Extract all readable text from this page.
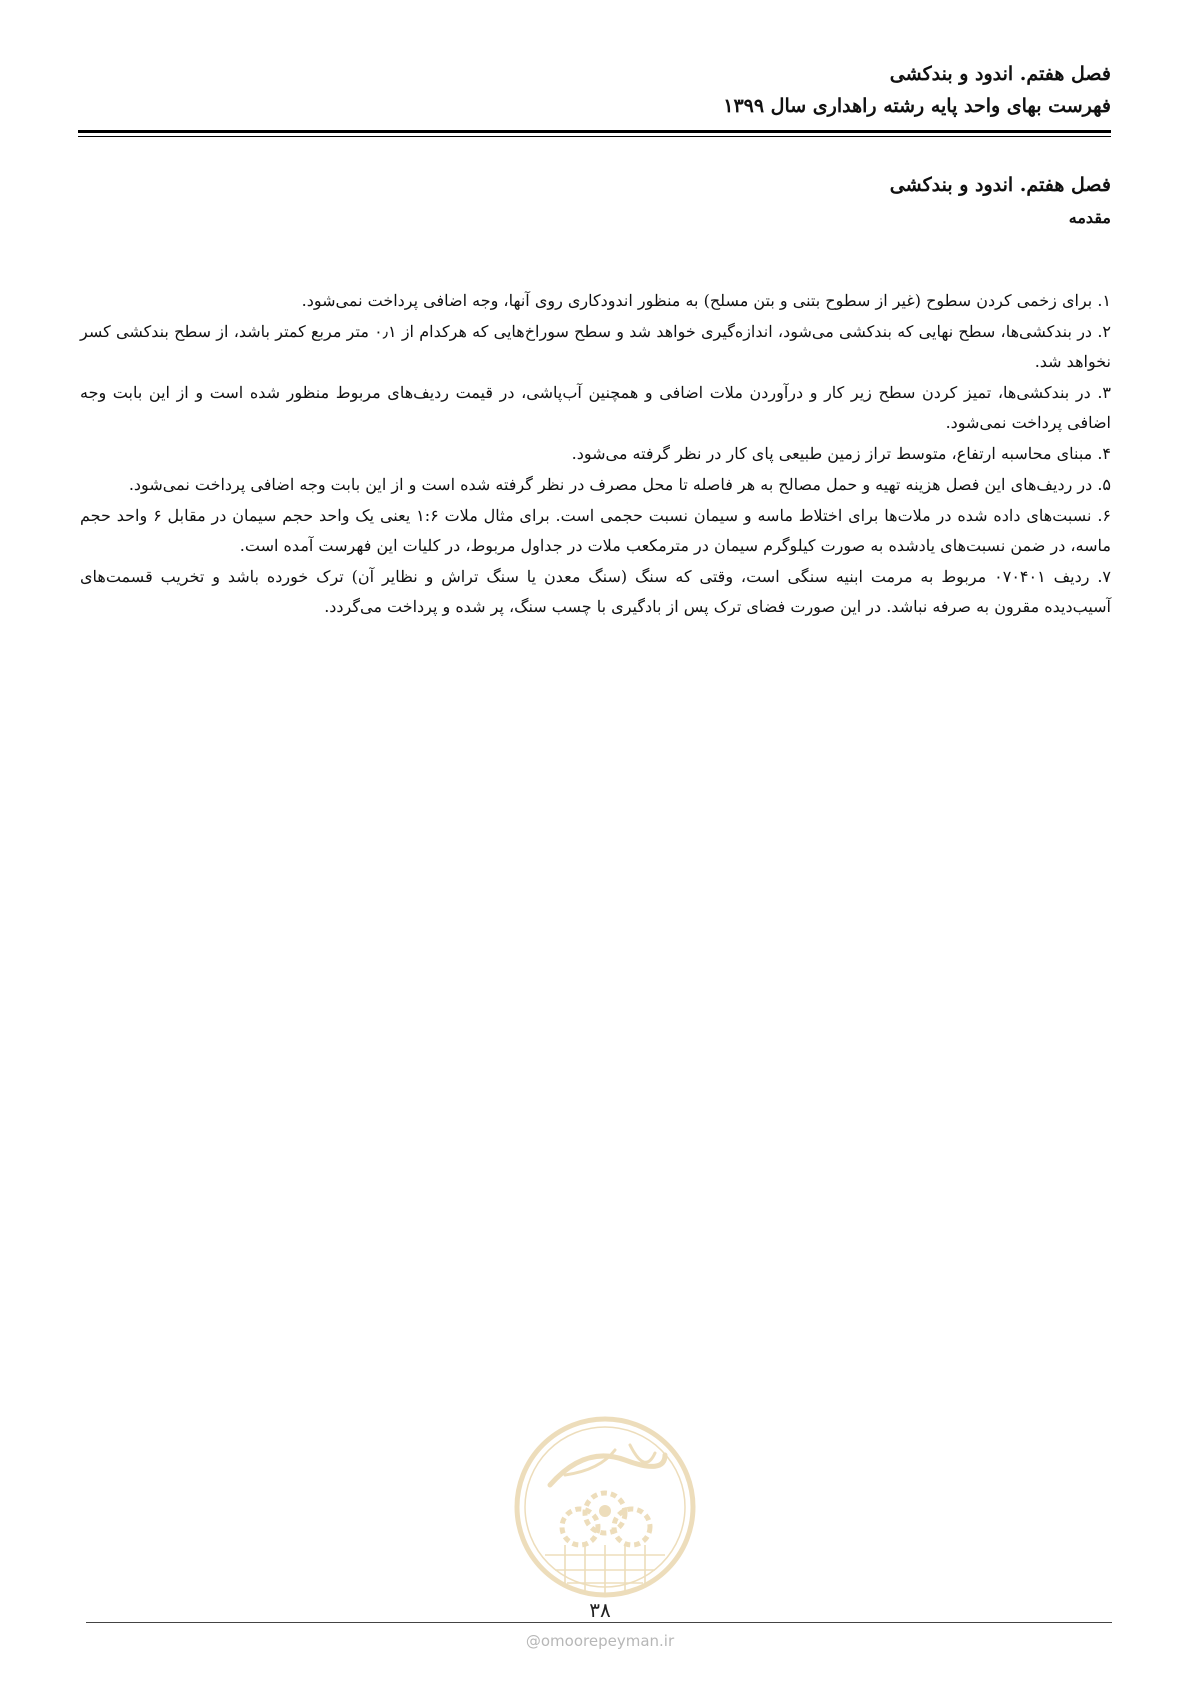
فصل هفتم. اندود و بندکشی

فهرست بهای واحد پایه رشته راهداری سال ۱۳۹۹

فصل هفتم. اندود و بندکشی

مقدمه

۱. برای زخمی کردن سطوح (غیر از سطوح بتنی و بتن مسلح) به منظور اندودکاری روی آنها، وجه اضافی پرداخت نمی‌شود.

۲. در بندکشی‌ها، سطح نهایی که بندکشی می‌شود، اندازه‌گیری خواهد شد و سطح سوراخ‌هایی که هرکدام از ۰٫۱ متر مربع کمتر باشد، از سطح بندکشی کسر نخواهد شد.

۳. در بندکشی‌ها، تمیز کردن سطح زیر کار و درآوردن ملات اضافی و همچنین آب‌پاشی، در قیمت ردیف‌های مربوط منظور شده است و از این بابت وجه اضافی پرداخت نمی‌شود.

۴. مبنای محاسبه ارتفاع، متوسط تراز زمین طبیعی پای کار در نظر گرفته می‌شود.

۵. در ردیف‌های این فصل هزینه تهیه و حمل مصالح به هر فاصله تا محل مصرف در نظر گرفته شده است و از این بابت وجه اضافی پرداخت نمی‌شود.

۶. نسبت‌های داده شده در ملات‌ها برای اختلاط ماسه و سیمان نسبت حجمی است. برای مثال ملات ۱:۶ یعنی یک واحد حجم سیمان در مقابل ۶ واحد حجم ماسه، در ضمن نسبت‌های یادشده به صورت کیلوگرم سیمان در مترمکعب ملات در جداول مربوط، در کلیات این فهرست آمده است.

۷. ردیف ۰۷۰۴۰۱ مربوط به مرمت ابنیه سنگی است، وقتی که سنگ (سنگ معدن یا سنگ تراش و نظایر آن) ترک خورده باشد و تخریب قسمت‌های آسیب‌دیده مقرون به صرفه نباشد. در این صورت فضای ترک پس از بادگیری با چسب سنگ، پر شده و پرداخت می‌گردد.

۳۸
@omoorepeyman.ir
